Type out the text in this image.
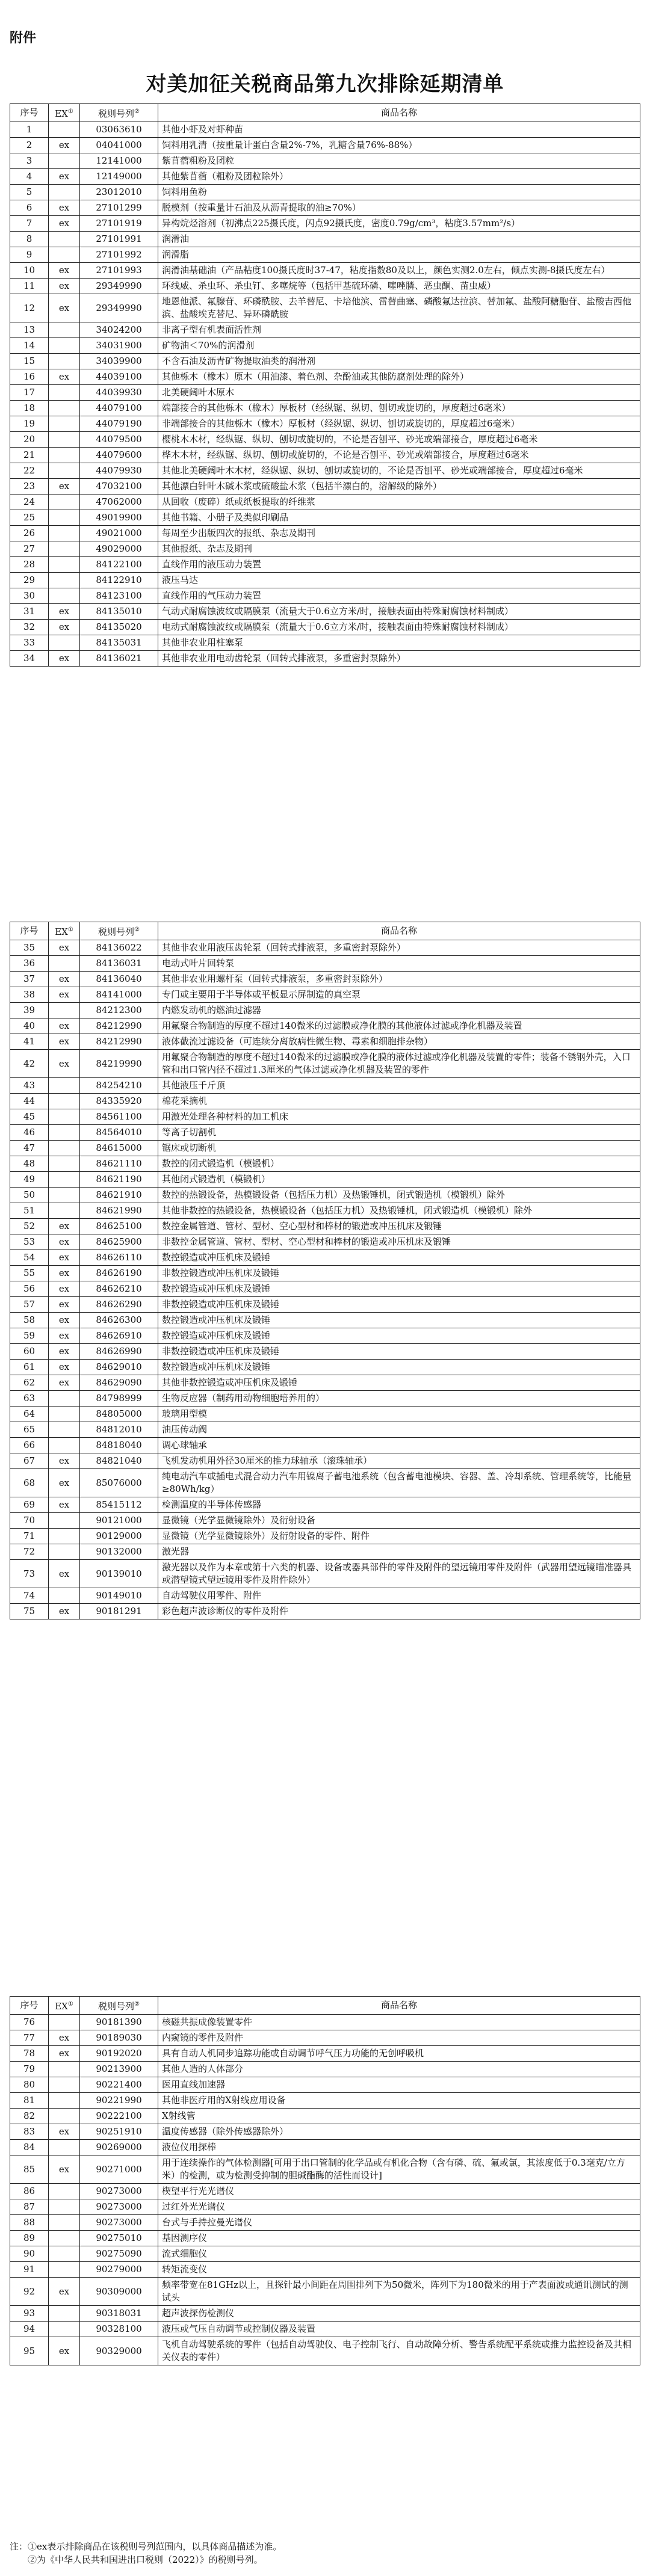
附件
对美加征关税商品第九次排除延期清单
序号	EX①	税则号列②	商品名称
1		03063610	其他小虾及对虾种苗
2	ex	04041000	饲料用乳清（按重量计蛋白含量2%-7%，乳糖含量76%-88%）
3		12141000	紫苜蓿粗粉及团粒
4	ex	12149000	其他紫苜蓿（粗粉及团粒除外）
5		23012010	饲料用鱼粉
6	ex	27101299	脱模剂（按重量计石油及从沥青提取的油≥70%）
7	ex	27101919	异构烷烃溶剂（初沸点225摄氏度，闪点92摄氏度，密度0.79g/cm³，粘度3.57mm²/s）
8		27101991	润滑油
9		27101992	润滑脂
10	ex	27101993	润滑油基础油（产品粘度100摄氏度时37-47，粘度指数80及以上，颜色实测2.0左右，倾点实测-8摄氏度左右）
11	ex	29349990	环线威、杀虫环、杀虫钉、多噻烷等（包括甲基硫环磷、噻唑膦、恶虫酮、苗虫威）
12	ex	29349990	地恩他派、氟腺苷、环磷酰胺、去羊替尼、卡培他滨、雷替曲塞、磷酸氟达拉滨、替加氟、盐酸阿糖胞苷、盐酸吉西他滨、盐酸埃克替尼、异环磷酰胺
13		34024200	非离子型有机表面活性剂
14		34031900	矿物油＜70%的润滑剂
15		34039900	不含石油及沥青矿物提取油类的润滑剂
16	ex	44039100	其他栎木（橡木）原木（用油漆、着色剂、杂酚油或其他防腐剂处理的除外）
17		44039930	北美硬阔叶木原木
18		44079100	端部接合的其他栎木（橡木）厚板材（经纵锯、纵切、刨切或旋切的，厚度超过6毫米）
19		44079190	非端部接合的其他栎木（橡木）厚板材（经纵锯、纵切、刨切或旋切的，厚度超过6毫米）
20		44079500	樱桃木木材，经纵锯、纵切、刨切或旋切的，不论是否刨平、砂光或端部接合，厚度超过6毫米
21		44079600	桦木木材，经纵锯、纵切、刨切或旋切的，不论是否刨平、砂光或端部接合，厚度超过6毫米
22		44079930	其他北美硬阔叶木木材，经纵锯、纵切、刨切或旋切的，不论是否刨平、砂光或端部接合，厚度超过6毫米
23	ex	47032100	其他漂白针叶木碱木浆或硫酸盐木浆（包括半漂白的，溶解级的除外）
24		47062000	从回收（废碎）纸或纸板提取的纤维浆
25		49019900	其他书籍、小册子及类似印刷品
26		49021000	每周至少出版四次的报纸、杂志及期刊
27		49029000	其他报纸、杂志及期刊
28		84122100	直线作用的液压动力装置
29		84122910	液压马达
30		84123100	直线作用的气压动力装置
31	ex	84135010	气动式耐腐蚀波纹或隔膜泵（流量大于0.6立方米/时，接触表面由特殊耐腐蚀材料制成）
32	ex	84135020	电动式耐腐蚀波纹或隔膜泵（流量大于0.6立方米/时，接触表面由特殊耐腐蚀材料制成）
33		84135031	其他非农业用柱塞泵
34	ex	84136021	其他非农业用电动齿轮泵（回转式排液泵，多重密封泵除外）
序号	EX①	税则号列②	商品名称
35	ex	84136022	其他非农业用液压齿轮泵（回转式排液泵，多重密封泵除外）
36		84136031	电动式叶片回转泵
37	ex	84136040	其他非农业用螺杆泵（回转式排液泵，多重密封泵除外）
38	ex	84141000	专门或主要用于半导体或平板显示屏制造的真空泵
39		84212300	内燃发动机的燃油过滤器
40	ex	84212990	用氟聚合物制造的厚度不超过140微米的过滤膜或净化膜的其他液体过滤或净化机器及装置
41	ex	84212990	液体截流过滤设备（可连续分离放病性微生物、毒素和细胞排杂物）
42	ex	84219990	用氟聚合物制造的厚度不超过140微米的过滤膜或净化膜的液体过滤或净化机器及装置的零件；装备不锈钢外壳，入口管和出口管内径不超过1.3厘米的气体过滤或净化机器及装置的零件
43		84254210	其他液压千斤顶
44		84335920	棉花采摘机
45		84561100	用激光处理各种材料的加工机床
46		84564010	等离子切割机
47		84615000	锯床或切断机
48		84621110	数控的闭式锻造机（模锻机）
49		84621190	其他闭式锻造机（模锻机）
50		84621910	数控的热锻设备，热模锻设备（包括压力机）及热锻锤机，闭式锻造机（模锻机）除外
51		84621990	其他非数控的热锻设备，热模锻设备（包括压力机）及热锻锤机，闭式锻造机（模锻机）除外
52	ex	84625100	数控金属管道、管材、型材、空心型材和棒材的锻造或冲压机床及锻锤
53	ex	84625900	非数控金属管道、管材、型材、空心型材和棒材的锻造或冲压机床及锻锤
54	ex	84626110	数控锻造或冲压机床及锻锤
55	ex	84626190	非数控锻造或冲压机床及锻锤
56	ex	84626210	数控锻造或冲压机床及锻锤
57	ex	84626290	非数控锻造或冲压机床及锻锤
58	ex	84626300	数控锻造或冲压机床及锻锤
59	ex	84626910	数控锻造或冲压机床及锻锤
60	ex	84626990	非数控锻造或冲压机床及锻锤
61	ex	84629010	数控锻造或冲压机床及锻锤
62	ex	84629090	其他非数控锻造或冲压机床及锻锤
63		84798999	生物反应器（制药用动物细胞培养用的）
64		84805000	玻璃用型模
65		84812010	油压传动阀
66		84818040	调心球轴承
67	ex	84821040	飞机发动机用外径30厘米的推力球轴承（滚珠轴承）
68	ex	85076000	纯电动汽车或插电式混合动力汽车用镍离子蓄电池系统（包含蓄电池模块、容器、盖、冷却系统、管理系统等，比能量≥80Wh/kg）
69	ex	85415112	检测温度的半导体传感器
70		90121000	显微镜（光学显微镜除外）及衍射设备
71		90129000	显微镜（光学显微镜除外）及衍射设备的零件、附件
72		90132000	激光器
73	ex	90139010	激光器以及作为本章或第十六类的机器、设备或器具部件的零件及附件的望远镜用零件及附件（武器用望远镜瞄准器具或潜望镜式望远镜用零件及附件除外）
74		90149010	自动驾驶仪用零件、附件
75	ex	90181291	彩色超声波诊断仪的零件及附件
序号	EX①	税则号列②	商品名称
76		90181390	核磁共振成像装置零件
77	ex	90189030	内窥镜的零件及附件
78	ex	90192020	具有自动人机同步追踪功能或自动调节呼气压力功能的无创呼吸机
79		90213900	其他人造的人体部分
80		90221400	医用直线加速器
81		90221990	其他非医疗用的X射线应用设备
82		90222100	X射线管
83	ex	90251910	温度传感器（除外传感器除外）
84		90269000	液位仪用探棒
85	ex	90271000	用于连续操作的气体检测器[可用于出口管制的化学品或有机化合物（含有磷、硫、氟或氯，其浓度低于0.3毫克/立方米）的检测，或为检测受抑制的胆碱酯酶的活性而设计]
86		90273000	楔望平行光光谱仪
87		90273000	过红外光光谱仪
88		90273000	台式与手持拉曼光谱仪
89		90275010	基因测序仪
90		90275090	流式细胞仪
91		90279000	转矩流变仪
92	ex	90309000	频率带宽在81GHz以上，且探针最小间距在周围排列下为50微米，阵列下为180微米的用于产表面波或通讯测试的测试头
93		90318031	超声波探伤检测仪
94		90328100	液压或气压自动调节或控制仪器及装置
95	ex	90329000	飞机自动驾驶系统的零件（包括自动驾驶仪、电子控制飞行、自动故障分析、警告系统配平系统或推力监控设备及其相关仪表的零件）
注：①ex表示排除商品在该税则号列范围内，以具体商品描述为准。
②为《中华人民共和国进出口税则（2022）》的税则号列。
